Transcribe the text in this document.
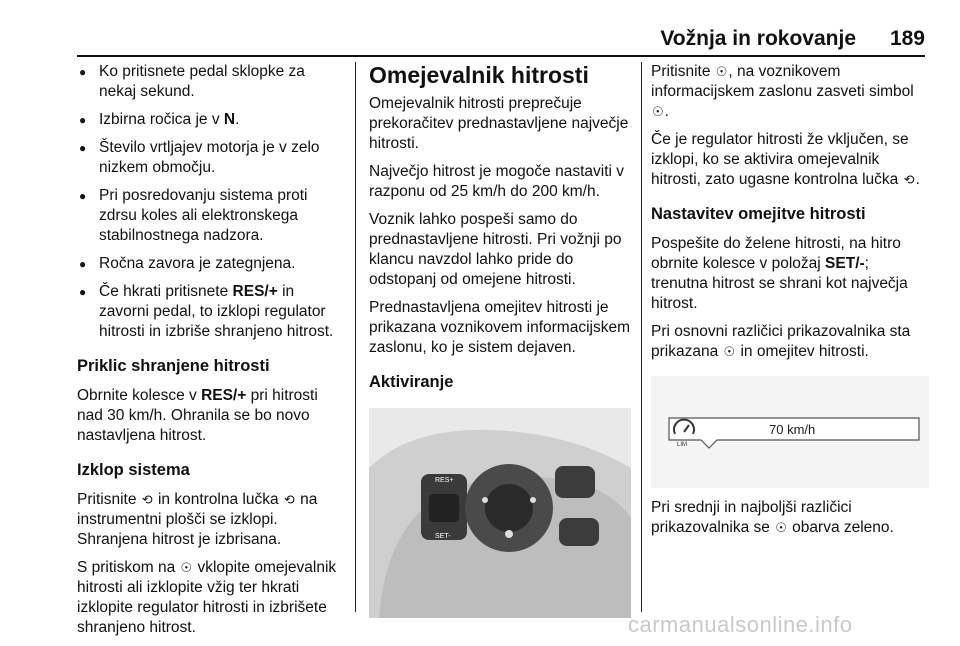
Vožnja in rokovanje 189
● Ko pritisnete pedal sklopke za nekaj sekund.
● Izbirna ročica je v N.
● Število vrtljajev motorja je v zelo nizkem območju.
● Pri posredovanju sistema proti zdrsu koles ali elektronskega stabilnostnega nadzora.
● Ročna zavora je zategnjena.
● Če hkrati pritisnete RES/+ in zavorni pedal, to izklopi regulator hitrosti in izbriše shranjeno hitrost.
Priklic shranjene hitrosti

Obrnite kolesce v RES/+ pri hitrosti nad 30 km/h. Ohranila se bo novo nastavljena hitrost.

Izklop sistema

Pritisnite ⟲ in kontrolna lučka ⟲ na instrumentni plošči se izklopi. Shranjena hitrost je izbrisana.

S pritiskom na ☉ vklopite omejevalnik hitrosti ali izklopite vžig ter hkrati izklopite regulator hitrosti in izbrišete shranjeno hitrost.

Omejevalnik hitrosti

Omejevalnik hitrosti preprečuje prekoračitev prednastavljene največje hitrosti.

Največjo hitrost je mogoče nastaviti v razponu od 25 km/h do 200 km/h.

Voznik lahko pospeši samo do prednastavljene hitrosti. Pri vožnji po klancu navzdol lahko pride do odstopanj od omejene hitrosti.

Prednastavljena omejitev hitrosti je prikazana voznikovem informacijskem zaslonu, ko je sistem dejaven.

Aktiviranje
RES+
SET-

Pritisnite ☉, na voznikovem informacijskem zaslonu zasveti simbol ☉.

Če je regulator hitrosti že vključen, se izklopi, ko se aktivira omejevalnik hitrosti, zato ugasne kontrolna lučka ⟲.

Nastavitev omejitve hitrosti

Pospešite do želene hitrosti, na hitro obrnite kolesce v položaj SET/-; trenutna hitrost se shrani kot največja hitrost.

Pri osnovni različici prikazovalnika sta prikazana ☉ in omejitev hitrosti.

LIM
70 km/h

Pri srednji in najboljši različici prikazovalnika se ☉ obarva zeleno.

carmanualsonline.info
